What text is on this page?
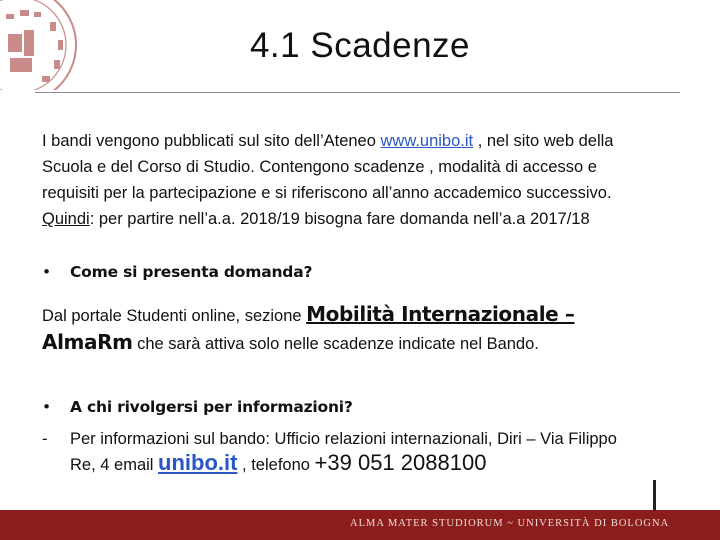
4.1 Scadenze
I bandi vengono pubblicati sul sito dell’Ateneo www.unibo.it , nel sito web della
Scuola e del Corso di Studio. Contengono scadenze , modalità di accesso e
requisiti per la partecipazione e si riferiscono all’anno accademico successivo.
Quindi: per partire nell’a.a. 2018/19 bisogna fare domanda nell’a.a 2017/18
• Come si presenta domanda?
Dal portale Studenti online, sezione Mobilità Internazionale –
AlmaRm che sarà attiva solo nelle scadenze indicate nel Bando.
• A chi rivolgersi per informazioni?
- Per informazioni sul bando: Ufficio relazioni internazionali, Diri – Via Filippo
Re, 4 email unibo.it , telefono +39 051 2088100
ALMA MATER STUDIORUM ~ UNIVERSITÀ DI BOLOGNA
